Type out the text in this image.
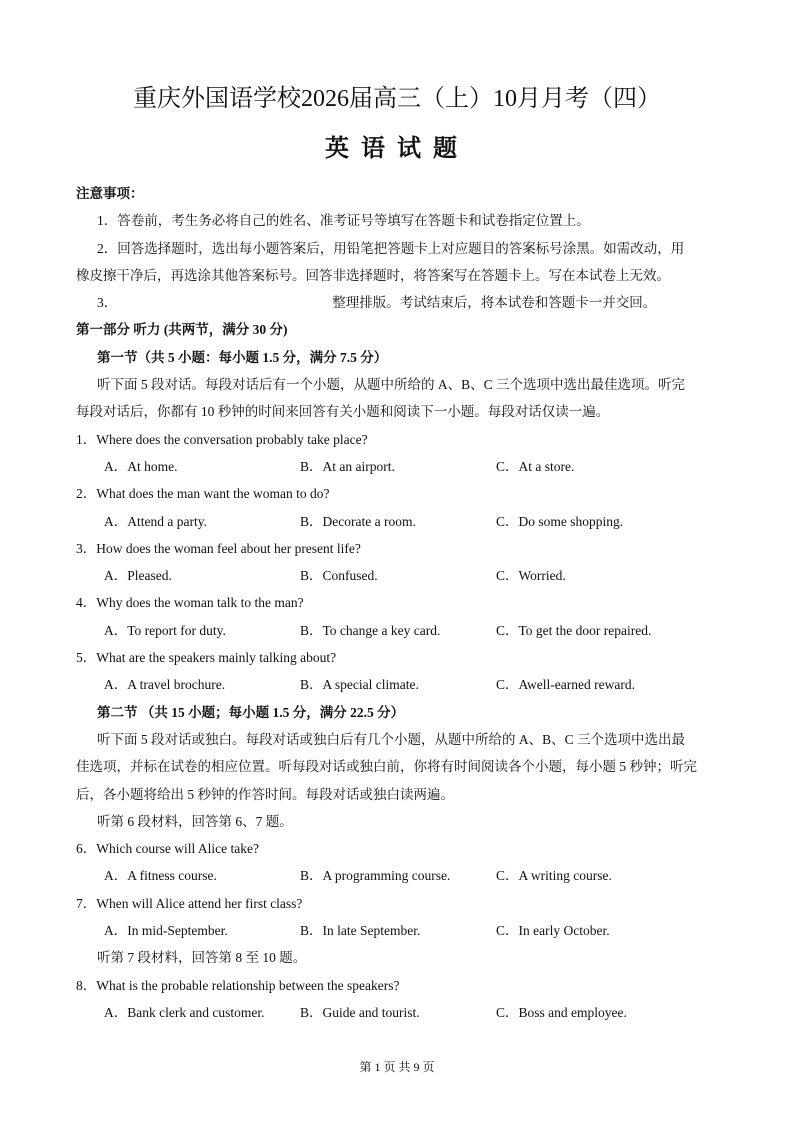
重庆外国语学校2026届高三（上）10月月考（四）
英语试题
注意事项：
1．答卷前，考生务必将自己的姓名、准考证号等填写在答题卡和试卷指定位置上。
2．回答选择题时，选出每小题答案后，用铅笔把答题卡上对应题目的答案标号涂黑。如需改动，用
橡皮擦干净后，再选涂其他答案标号。回答非选择题时，将答案写在答题卡上。写在本试卷上无效。
3．	整理排版。考试结束后，将本试卷和答题卡一并交回。
第一部分 听力 (共两节，满分 30 分)
第一节（共 5 小题：每小题 1.5 分，满分 7.5 分）
听下面 5 段对话。每段对话后有一个小题，从题中所给的 A、B、C 三个选项中选出最佳选项。听完
每段对话后，你都有 10 秒钟的时间来回答有关小题和阅读下一小题。每段对话仅读一遍。
1．Where does the conversation probably take place?
A．At home.	B．At an airport.	C．At a store.
2．What does the man want the woman to do?
A．Attend a party.	B．Decorate a room.	C．Do some shopping.
3．How does the woman feel about her present life?
A．Pleased.	B．Confused.	C．Worried.
4．Why does the woman talk to the man?
A．To report for duty.	B．To change a key card.	C．To get the door repaired.
5．What are the speakers mainly talking about?
A．A travel brochure.	B．A special climate.	C．Awell-earned reward.
第二节 （共 15 小题；每小题 1.5 分，满分 22.5 分）
听下面 5 段对话或独白。每段对话或独白后有几个小题，从题中所给的 A、B、C 三个选项中选出最
佳选项，并标在试卷的相应位置。听每段对话或独白前，你将有时间阅读各个小题，每小题 5 秒钟；听完
后，各小题将给出 5 秒钟的作答时间。每段对话或独白读两遍。
听第 6 段材料，回答第 6、7 题。
6．Which course will Alice take?
A．A fitness course.	B．A programming course.	C．A writing course.
7．When will Alice attend her first class?
A．In mid-September.	B．In late September.	C．In early October.
听第 7 段材料，回答第 8 至 10 题。
8．What is the probable relationship between the speakers?
A．Bank clerk and customer.	B．Guide and tourist.	C．Boss and employee.
第 1 页 共 9 页
